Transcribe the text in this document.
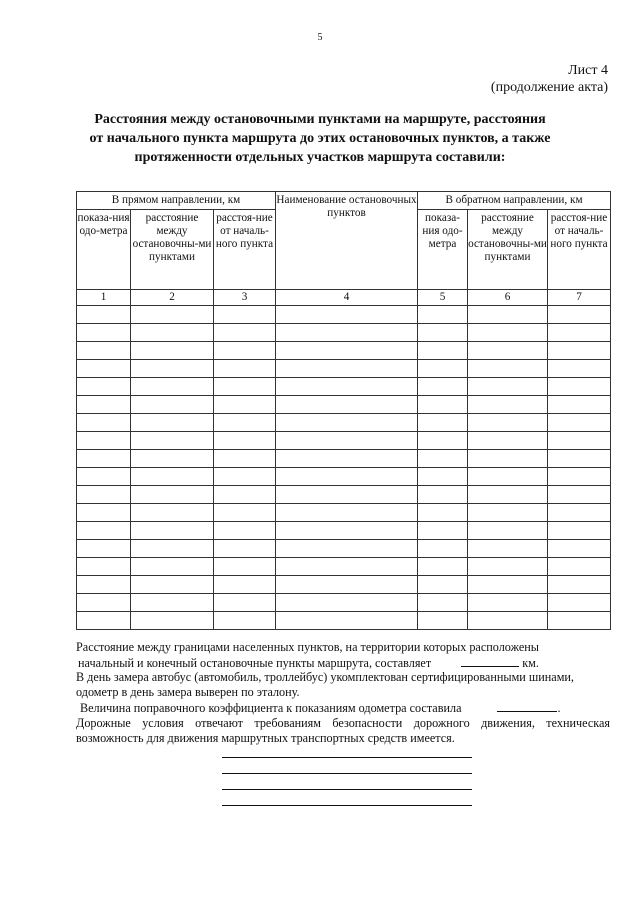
5
Лист 4
(продолжение акта)
Расстояния между остановочными пунктами на маршруте, расстояния
от начального пункта маршрута до этих остановочных пунктов, а также
протяженности отдельных участков маршрута составили:
В прямом направлении, км			Наименование остановочных пунктов	В обратном направлении, км		
показа-ния одо-метра	расстояние между остановочны-ми пунктами	расстоя-ние от началь-ного пункта		показа-ния одо-метра	расстояние между остановочны-ми пунктами	расстоя-ние от началь-ного пункта
1	2	3	4	5	6	7

Расстояние между границами населенных пунктов, на территории которых расположены

начальный и конечный остановочные пункты маршрута, составляет	км.

В день замера автобус (автомобиль, троллейбус) укомплектован сертифицированными шинами,

одометр в день замера выверен по эталону.

Величина поправочного коэффициента к показаниям одометра составила	.

Дорожные условия отвечают требованиям безопасности дорожного движения, техническая

возможность для движения маршрутных транспортных средств имеется.
